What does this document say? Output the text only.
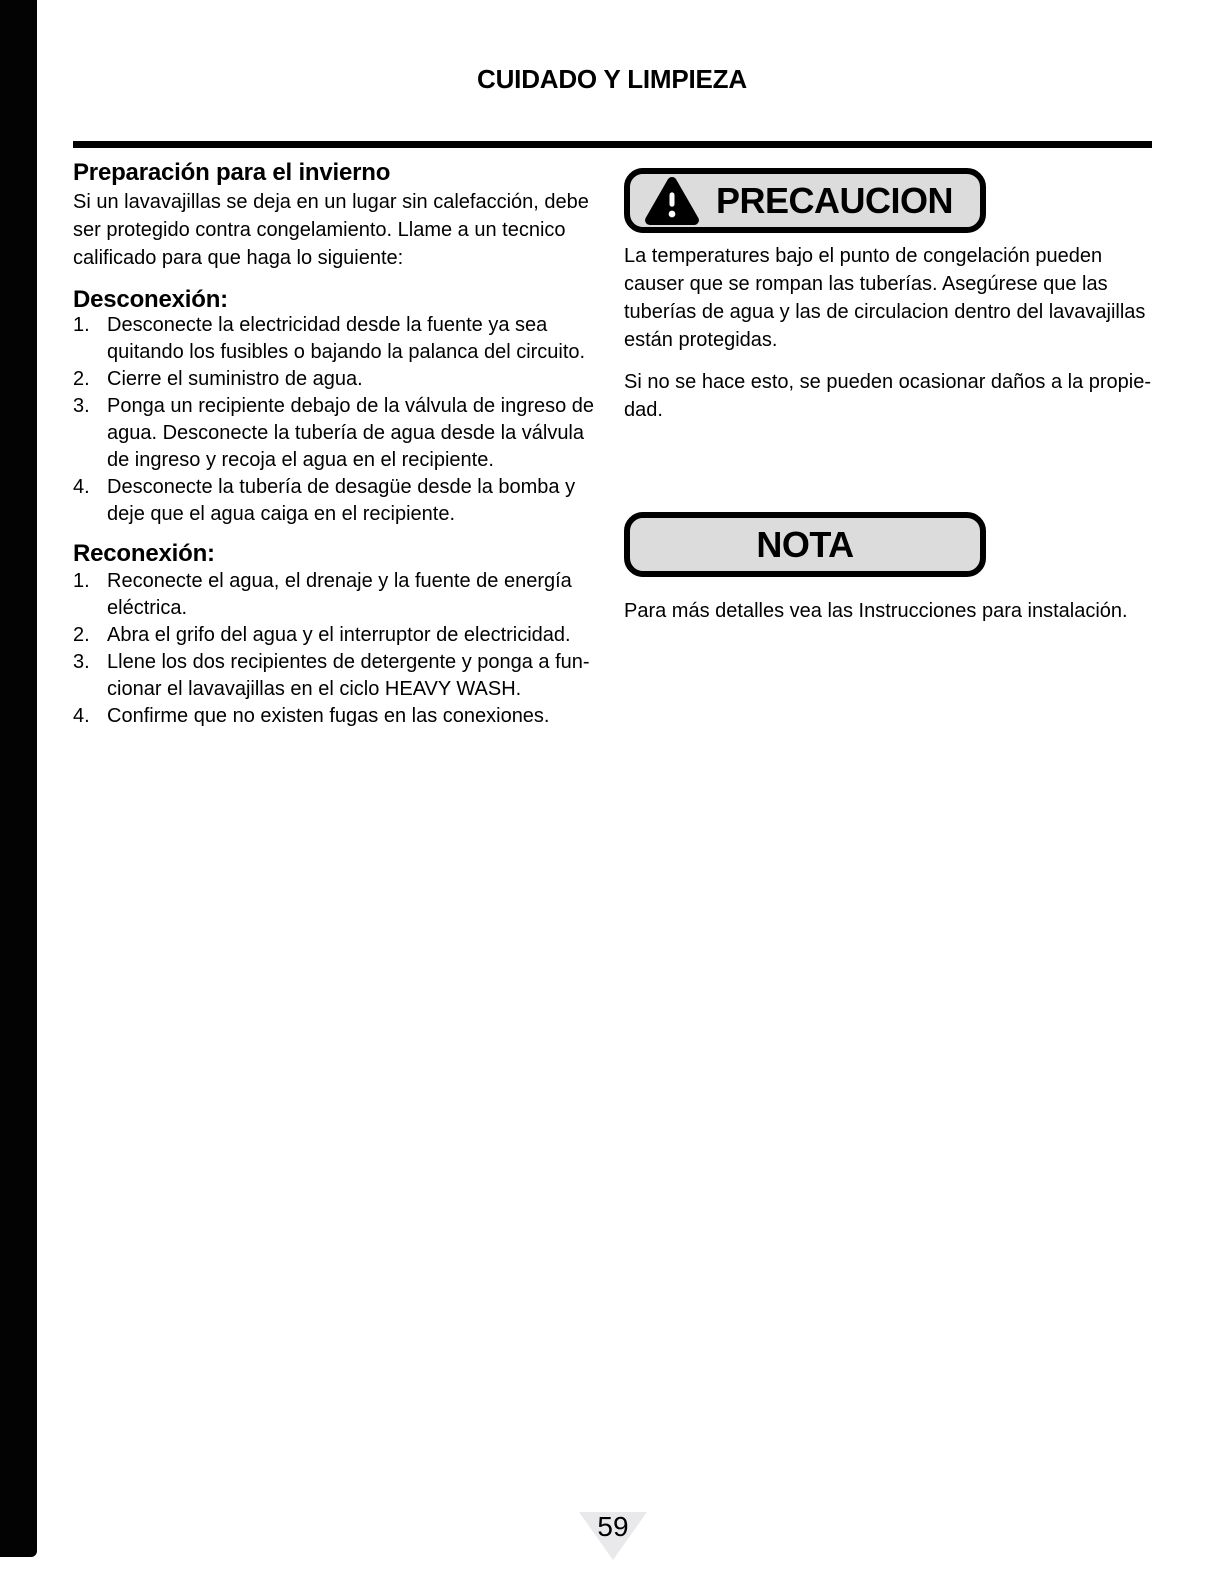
CUIDADO Y LIMPIEZA
Preparación para el invierno
Si un lavavajillas se deja en un lugar sin calefacción, debe
ser protegido contra congelamiento. Llame a un tecnico
calificado para que haga lo siguiente:
Desconexión:
1. Desconecte la electricidad desde la fuente ya sea
quitando los fusibles o bajando la palanca del circuito.
2. Cierre el suministro de agua.
3. Ponga un recipiente debajo de la válvula de ingreso de
agua. Desconecte la tubería de agua desde la válvula
de ingreso y recoja el agua en el recipiente.
4. Desconecte la tubería de desagüe desde la bomba y
deje que el agua caiga en el recipiente.
Reconexión:
1. Reconecte el agua, el drenaje y la fuente de energía
eléctrica.
2. Abra el grifo del agua y el interruptor de electricidad.
3. Llene los dos recipientes de detergente y ponga a fun-
cionar el lavavajillas en el ciclo HEAVY WASH.
4. Confirme que no existen fugas en las conexiones.
PRECAUCION
La temperatures bajo el punto de congelación pueden
causer que se rompan las tuberías. Asegúrese que las
tuberías de agua y las de circulacion dentro del lavavajillas
están protegidas.
Si no se hace esto, se pueden ocasionar daños a la propie-
dad.
NOTA
Para más detalles vea las Instrucciones para instalación.
59
